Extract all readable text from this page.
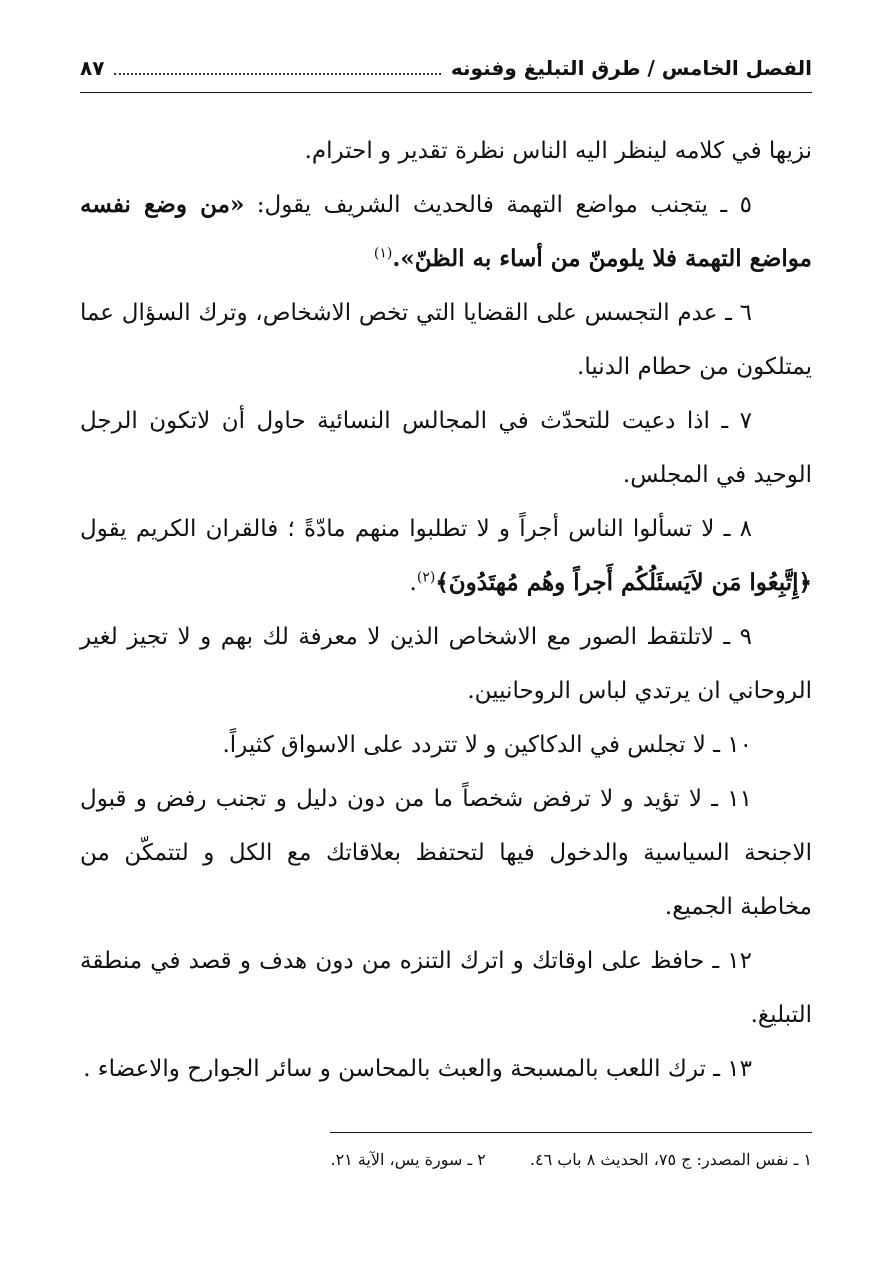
الفصل الخامس / طرق التبليغ وفنونه
٨٧

نزيها في كلامه لينظر اليه الناس نظرة تقدير و احترام.

٥ ـ يتجنب مواضع التهمة فالحديث الشريف يقول: «من وضع نفسه مواضع التهمة فلا يلومنّ من أساء به الظنّ».$^{(١)}$

٦ ـ عدم التجسس على القضايا التي تخص الاشخاص، وترك السؤال عما يمتلكون من حطام الدنيا.

٧ ـ اذا دعيت للتحدّث في المجالس النسائية حاول أن لاتكون الرجل الوحيد في المجلس.

٨ ـ لا تسألوا الناس أجراً و لا تطلبوا منهم مادّةً ؛ فالقران الكريم يقول ﴿إِتَّبِعُوا مَن لاَيَسئَلُكُم أَجراً وهُم مُهتَدُونَ﴾$^{(٢)}$.

٩ ـ لاتلتقط الصور مع الاشخاص الذين لا معرفة لك بهم و لا تجيز لغير الروحاني ان يرتدي لباس الروحانيين.

١٠ ـ لا تجلس في الدكاكين و لا تتردد على الاسواق كثيراً.

١١ ـ لا تؤيد و لا ترفض شخصاً ما من دون دليل و تجنب رفض و قبول الاجنحة السياسية والدخول فيها لتحتفظ بعلاقاتك مع الكل و لتتمكّن من مخاطبة الجميع.

١٢ ـ حافظ على اوقاتك و اترك التنزه من دون هدف و قصد في منطقة التبليغ.

١٣ ـ ترك اللعب بالمسبحة والعبث بالمحاسن و سائر الجوارح والاعضاء .

١ ـ نفس المصدر: ج ٧٥، الحديث ٨ باب ٤٦.
٢ ـ سورة يس، الآية ٢١.
